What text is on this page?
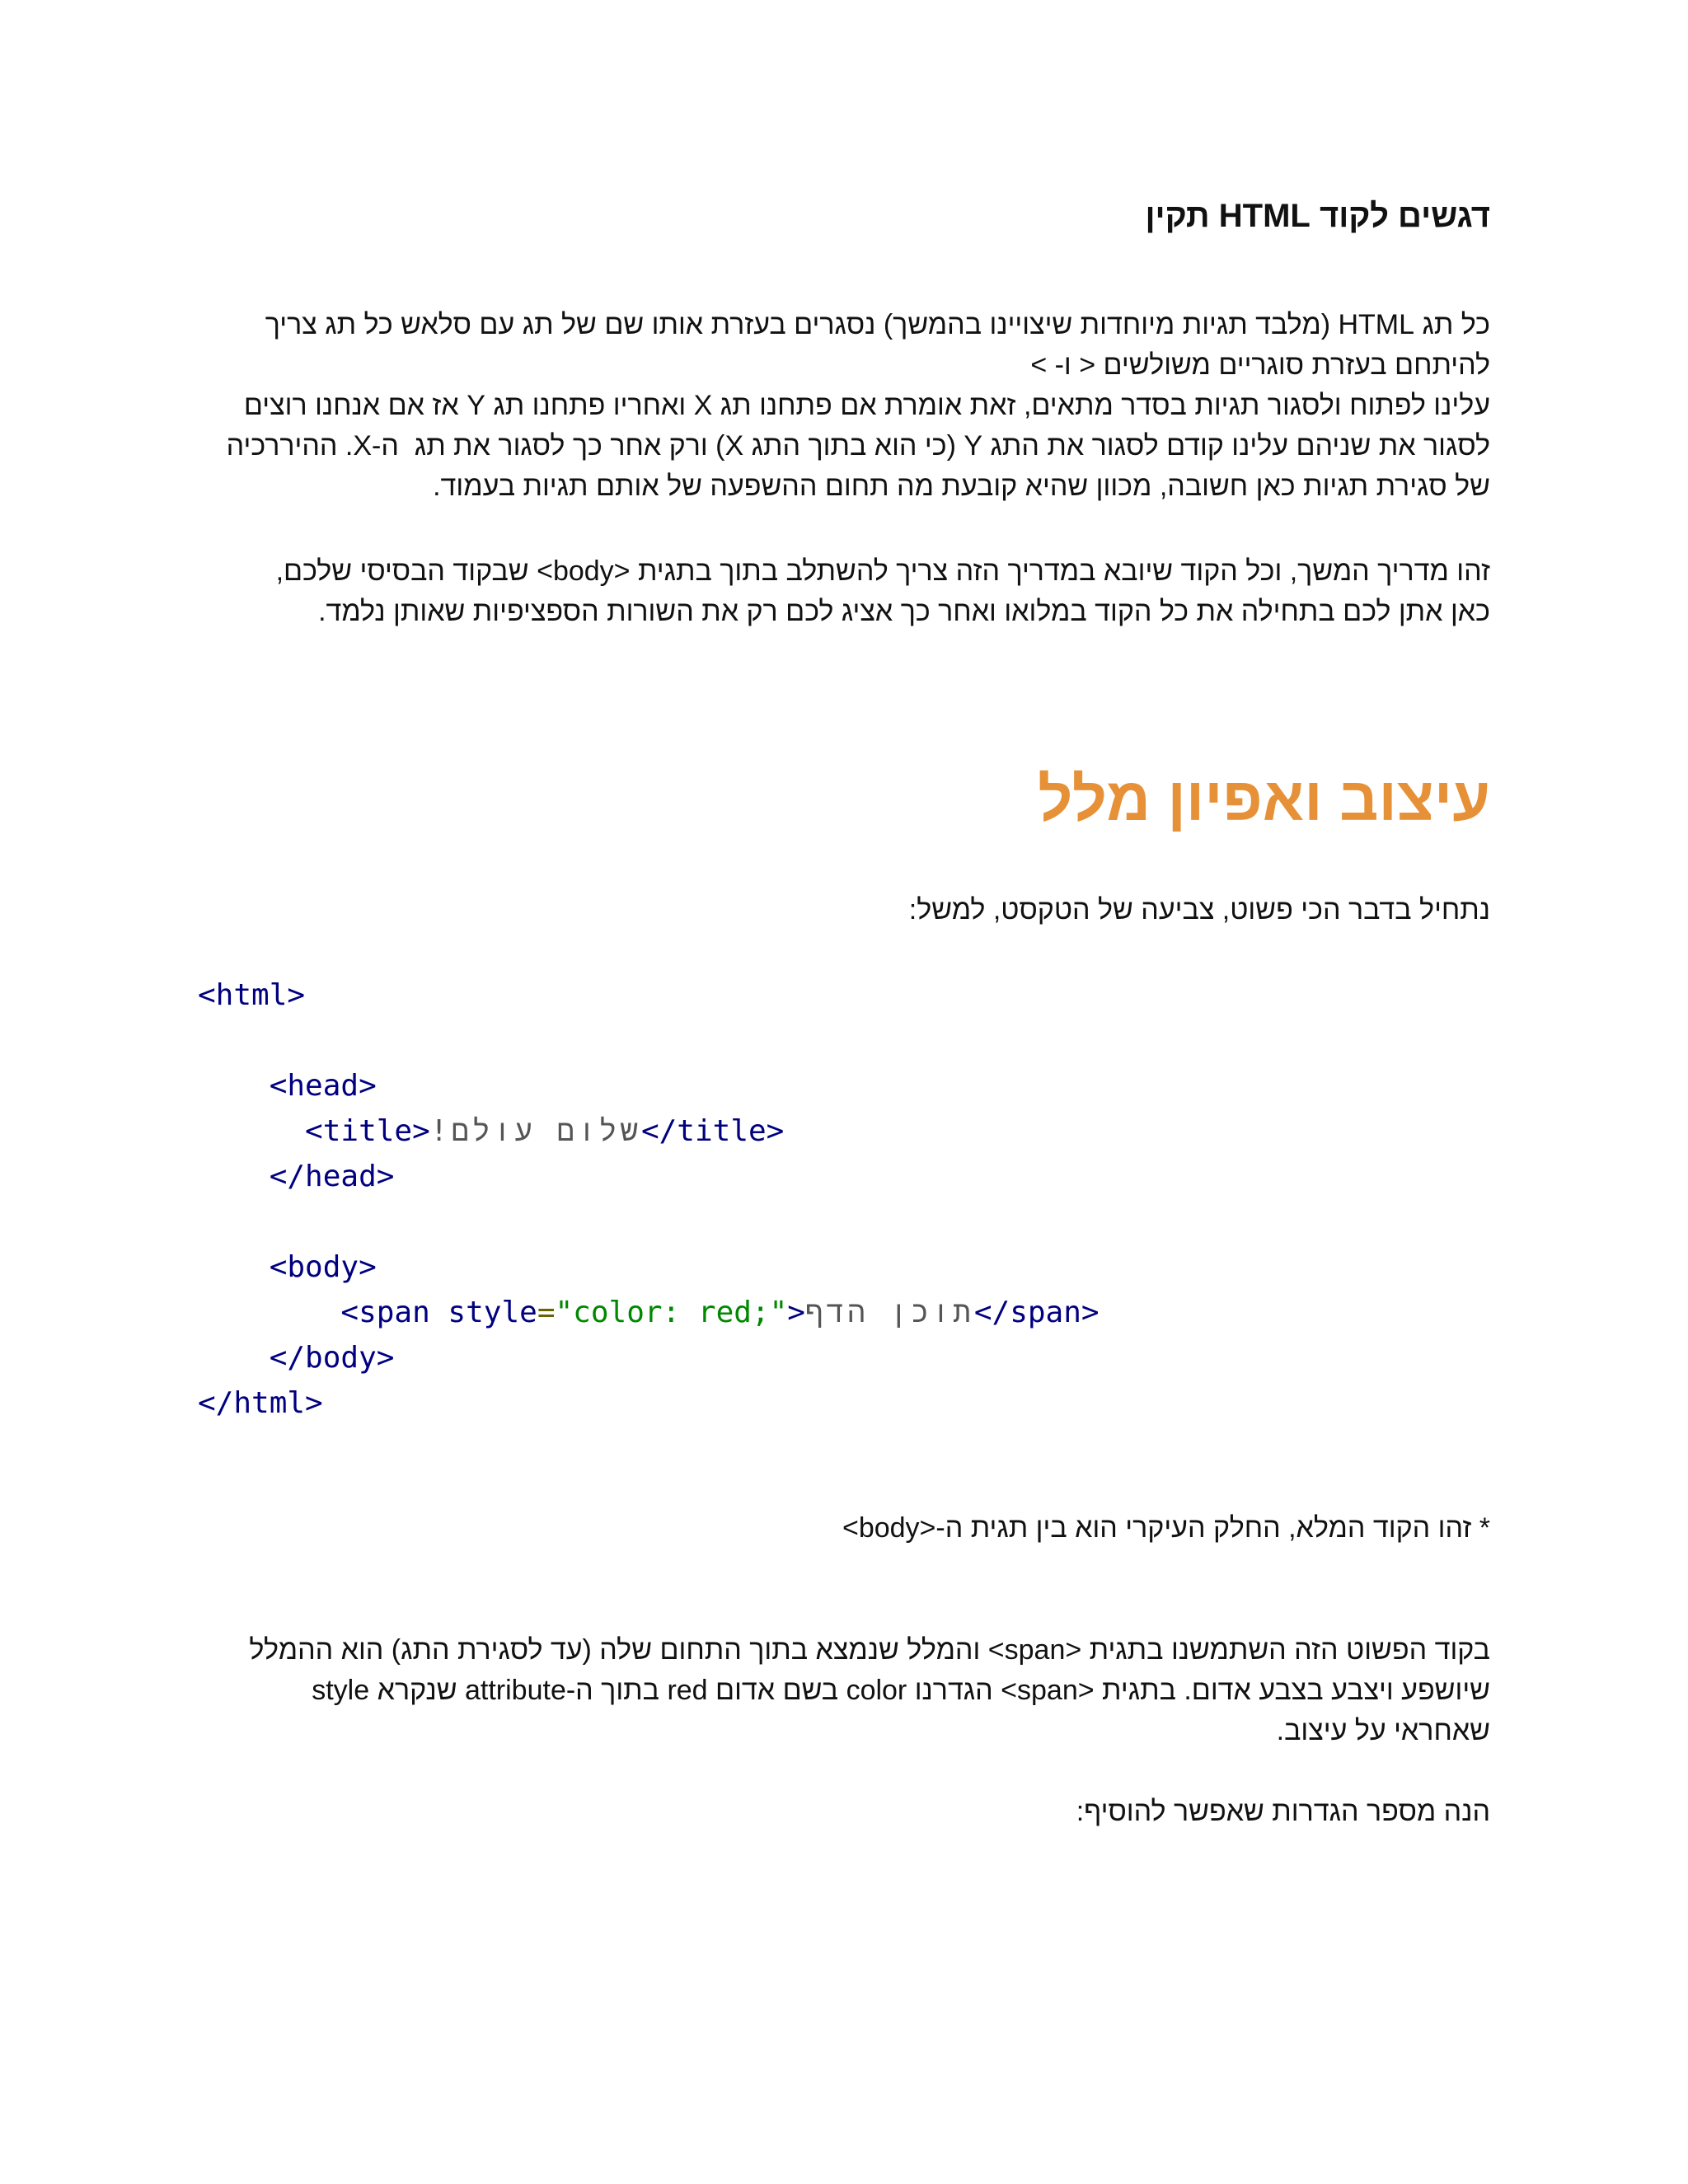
דגשים לקוד HTML תקין

כל תג HTML (מלבד תגיות מיוחדות שיצויינו בהמשך) נסגרים בעזרת אותו שם של תג עם סלאש כל תג צריך
להיתחם בעזרת סוגריים משולשים < ו- >
עלינו לפתוח ולסגור תגיות בסדר מתאים, זאת אומרת אם פתחנו תג X ואחריו פתחנו תג Y אז אם אנחנו רוצים
לסגור את שניהם עלינו קודם לסגור את התג Y (כי הוא בתוך התג X) ורק אחר כך לסגור את תג  ה-X. ההיררכיה
של סגירת תגיות כאן חשובה, מכוון שהיא קובעת מה תחום ההשפעה של אותם תגיות בעמוד.

זהו מדריך המשך, וכל הקוד שיובא במדריך הזה צריך להשתלב בתוך בתגית <body> שבקוד הבסיסי שלכם,
כאן אתן לכם בתחילה את כל הקוד במלואו ואחר כך אציג לכם רק את השורות הספציפיות שאותן נלמד.

עיצוב ואפיון מלל

נתחיל בדבר הכי פשוט, צביעה של הטקסט, למשל:

<html>
<head>
<title>שלום עולם!</title>
</head>
<body>
<span style="color: red;">תוכן הדף</span>
</body>
</html>

* זהו הקוד המלא, החלק העיקרי הוא בין תגית ה-<body>

בקוד הפשוט הזה השתמשנו בתגית <span> והמלל שנמצא בתוך התחום שלה (עד לסגירת התג) הוא ההמלל
שיושפע ויצבע בצבע אדום. בתגית <span> הגדרנו color בשם אדום red בתוך ה-attribute שנקרא style
שאחראי על עיצוב.

הנה מספר הגדרות שאפשר להוסיף:
